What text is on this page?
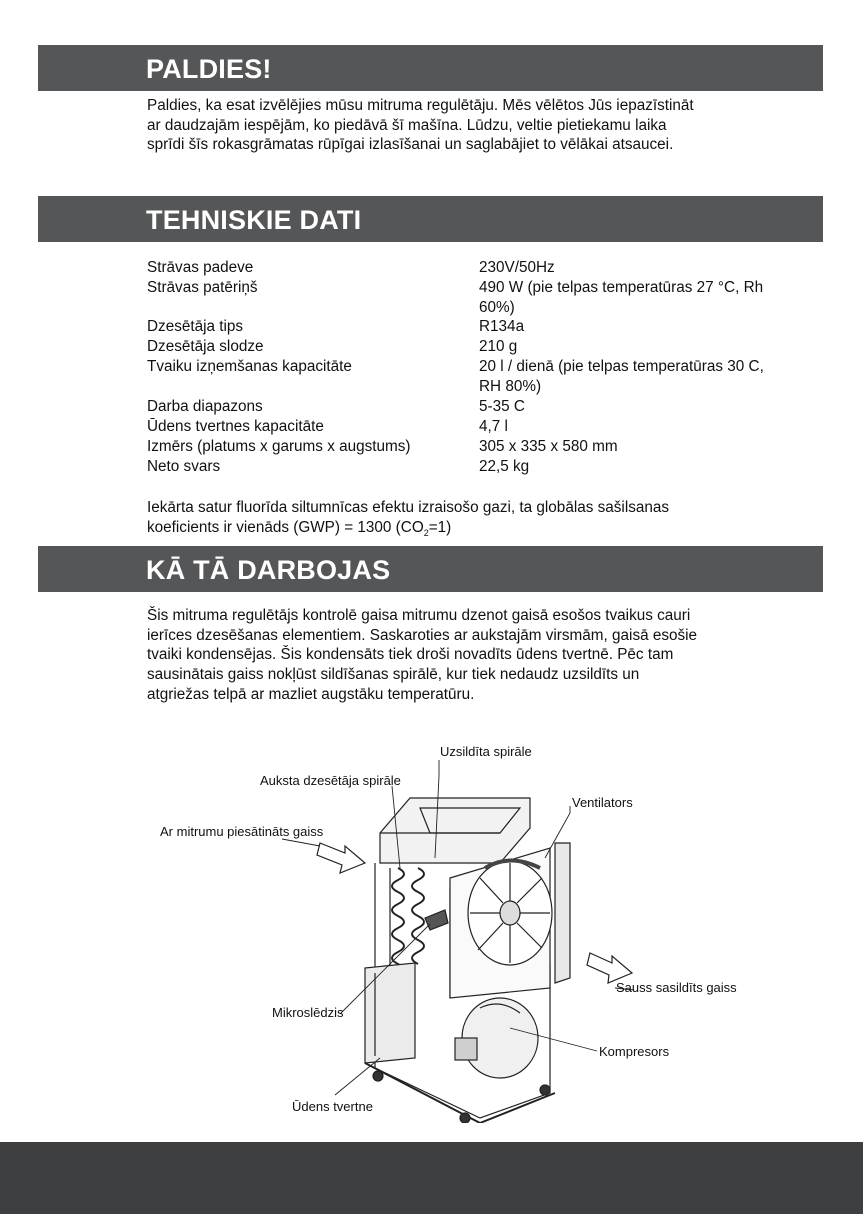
PALDIES!
Paldies, ka esat izvēlējies mūsu mitruma regulētāju. Mēs vēlētos Jūs iepazīstināt
ar daudzajām iespējām, ko piedāvā šī mašīna. Lūdzu, veltie pietiekamu laika
sprīdi šīs rokasgrāmatas rūpīgai izlasīšanai un saglabājiet to vēlākai atsaucei.
TEHNISKIE DATI
Strāvas padeve	230V/50Hz
Strāvas patēriņš	490 W (pie telpas temperatūras 27 °C, Rh 60%)
Dzesētāja tips	R134a
Dzesētāja slodze	210 g
Tvaiku izņemšanas kapacitāte	20 l / dienā (pie telpas temperatūras 30 C, RH 80%)
Darba diapazons	5-35 C
Ūdens tvertnes kapacitāte	4,7 l
Izmērs (platums x garums x augstums)	305 x 335 x 580 mm
Neto svars	22,5 kg
Iekārta satur fluorīda siltumnīcas efektu izraisošo gazi, ta globālas sašilsanas
koeficients ir vienāds (GWP) = 1300 $(CO_2=1)$
KĀ TĀ DARBOJAS
Šis mitruma regulētājs kontrolē gaisa mitrumu dzenot gaisā esošos tvaikus cauri
ierīces dzesēšanas elementiem. Saskaroties ar aukstajām virsmām, gaisā esošie
tvaiki kondensējas. Šis kondensāts tiek droši novadīts ūdens tvertnē. Pēc tam
sausinātais gaiss nokļūst sildīšanas spirālē, kur tiek nedaudz uzsildīts un
atgriežas telpā ar mazliet augstāku temperatūru.
Uzsildīta spirāle
Auksta dzesētāja spirāle
Ventilators
Ar mitrumu piesātināts gaiss
Sauss sasildīts gaiss
Mikroslēdzis
Kompresors
Ūdens tvertne
